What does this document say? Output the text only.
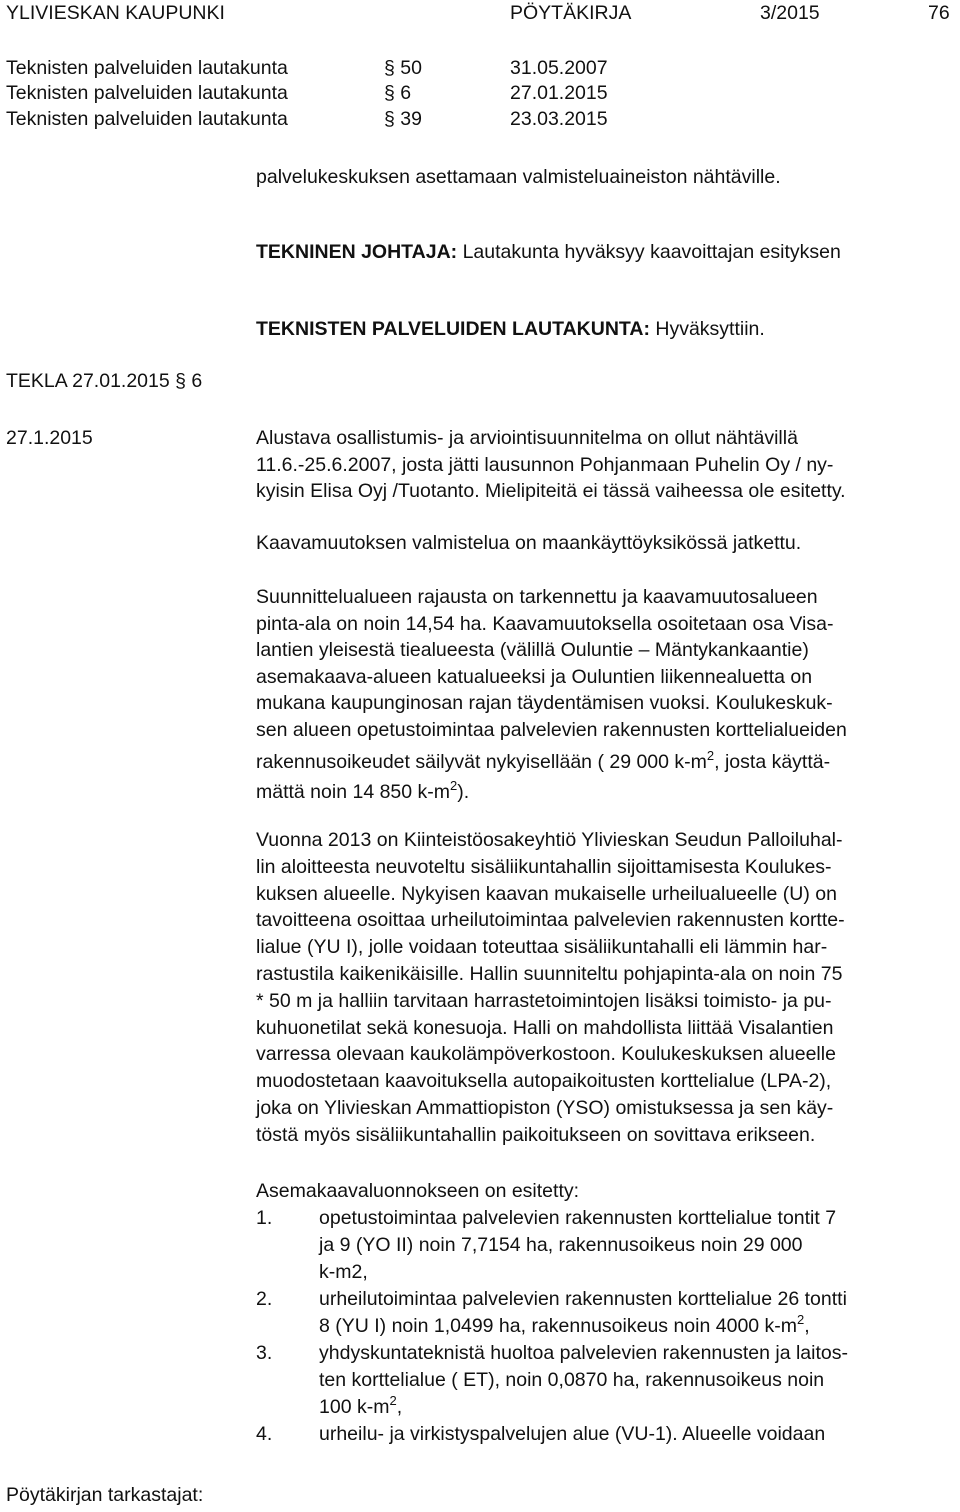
YLIVIESKAN KAUPUNKI	PÖYTÄKIRJA	3/2015	76
Teknisten palveluiden lautakunta	§ 50	31.05.2007
Teknisten palveluiden lautakunta	§ 6	27.01.2015
Teknisten palveluiden lautakunta	§ 39	23.03.2015
palvelukeskuksen asettamaan valmisteluaineiston nähtäville.
TEKNINEN JOHTAJA: Lautakunta hyväksyy kaavoittajan esityksen
TEKNISTEN PALVELUIDEN LAUTAKUNTA: Hyväksyttiin.
TEKLA 27.01.2015 § 6
27.1.2015	Alustava osallistumis- ja arviointisuunnitelma on ollut nähtävillä
11.6.-25.6.2007, josta jätti lausunnon Pohjanmaan Puhelin Oy / ny-
kyisin Elisa Oyj /Tuotanto. Mielipiteitä ei tässä vaiheessa ole esitetty.
Kaavamuutoksen valmistelua on maankäyttöyksikössä jatkettu.
Suunnittelualueen rajausta on tarkennettu ja kaavamuutosalueen
pinta-ala on noin 14,54 ha. Kaavamuutoksella osoitetaan osa Visa-
lantien yleisestä tiealueesta (välillä Ouluntie – Mäntykankaantie)
asemakaava-alueen katualueeksi ja Ouluntien liikennealuetta on
mukana kaupunginosan rajan täydentämisen vuoksi. Koulukeskuk-
sen alueen opetustoimintaa palvelevien rakennusten korttelialueiden
rakennusoikeudet säilyvät nykyisellään ( 29 000 $k-m^2$, josta käyttä-
mättä noin 14 850 $k-m^2$).
Vuonna 2013 on Kiinteistöosakeyhtiö Ylivieskan Seudun Palloiluhal-
lin aloitteesta neuvoteltu sisäliikuntahallin sijoittamisesta Koulukes-
kuksen alueelle. Nykyisen kaavan mukaiselle urheilualueelle (U) on
tavoitteena osoittaa urheilutoimintaa palvelevien rakennusten kortte-
lialue (YU I), jolle voidaan toteuttaa sisäliikuntahalli eli lämmin har-
rastustila kaikenikäisille. Hallin suunniteltu pohjapinta-ala on noin 75
* 50 m ja halliin tarvitaan harrastetoimintojen lisäksi toimisto- ja pu-
kuhuonetilat sekä konesuoja. Halli on mahdollista liittää Visalantien
varressa olevaan kaukolämpöverkostoon. Koulukeskuksen alueelle
muodostetaan kaavoituksella autopaikoitusten korttelialue (LPA-2),
joka on Ylivieskan Ammattiopiston (YSO) omistuksessa ja sen käy-
töstä myös sisäliikuntahallin paikoitukseen on sovittava erikseen.
Asemakaavaluonnokseen on esitetty:
1. opetustoimintaa palvelevien rakennusten korttelialue tontit 7
ja 9 (YO II) noin 7,7154 ha, rakennusoikeus noin 29 000
k-m2,
2. urheilutoimintaa palvelevien rakennusten korttelialue 26 tontti
8 (YU I) noin 1,0499 ha, rakennusoikeus noin 4000 $k-m^2$,
3. yhdyskuntateknistä huoltoa palvelevien rakennusten ja laitos-
ten korttelialue ( ET), noin 0,0870 ha, rakennusoikeus noin
100 $k-m^2$,
4. urheilu- ja virkistyspalvelujen alue (VU-1). Alueelle voidaan
Pöytäkirjan tarkastajat:
